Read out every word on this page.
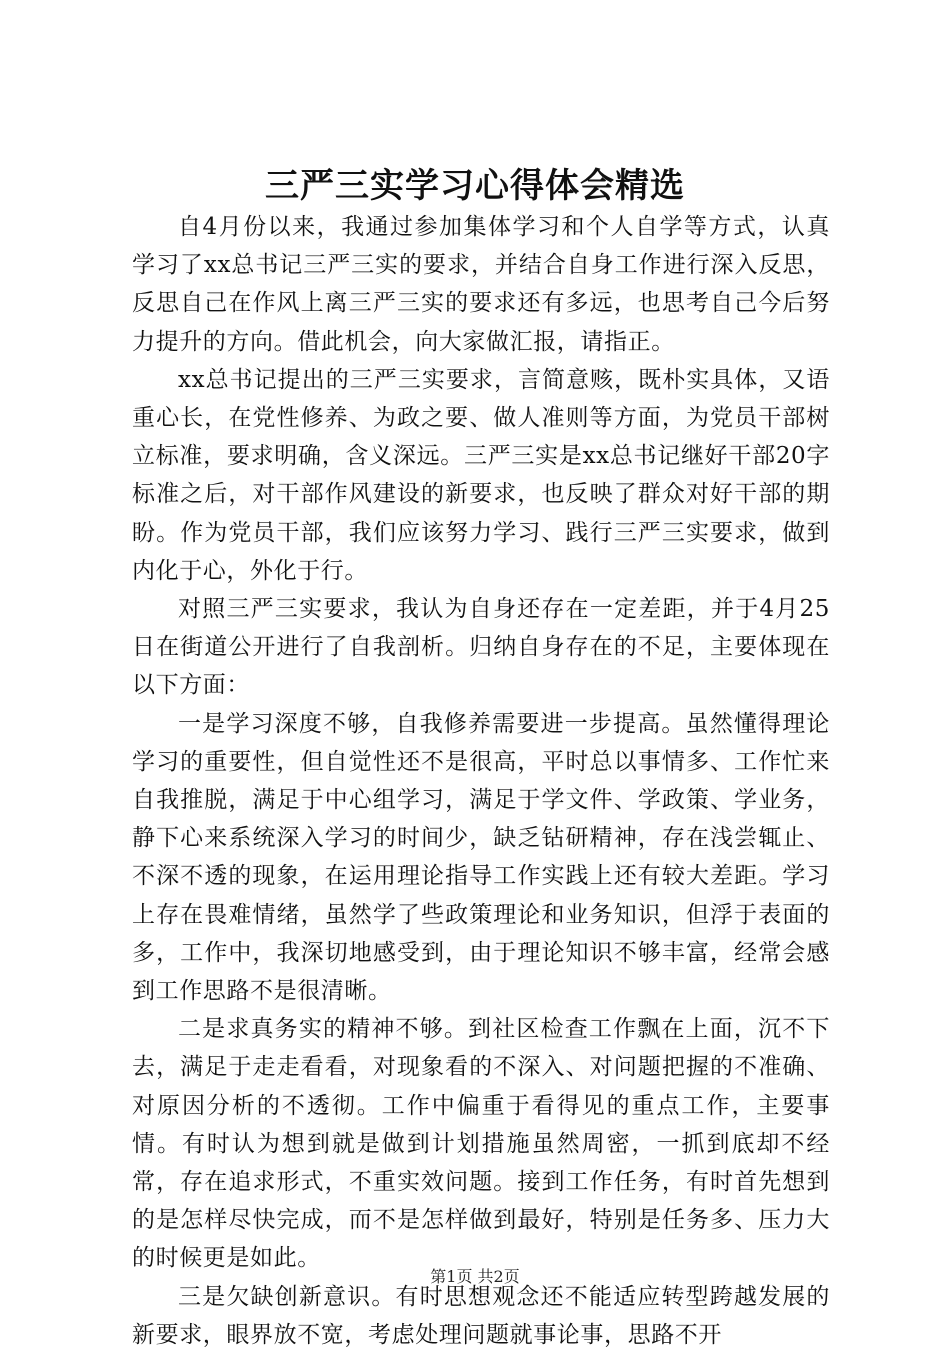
三严三实学习心得体会精选

自4月份以来，我通过参加集体学习和个人自学等方式，认真学习了xx总书记三严三实的要求，并结合自身工作进行深入反思，反思自己在作风上离三严三实的要求还有多远，也思考自己今后努力提升的方向。借此机会，向大家做汇报，请指正。

xx总书记提出的三严三实要求，言简意赅，既朴实具体，又语重心长，在党性修养、为政之要、做人准则等方面，为党员干部树立标准，要求明确，含义深远。三严三实是xx总书记继好干部20字标准之后，对干部作风建设的新要求，也反映了群众对好干部的期盼。作为党员干部，我们应该努力学习、践行三严三实要求，做到内化于心，外化于行。

对照三严三实要求，我认为自身还存在一定差距，并于4月25日在街道公开进行了自我剖析。归纳自身存在的不足，主要体现在以下方面：

一是学习深度不够，自我修养需要进一步提高。虽然懂得理论学习的重要性，但自觉性还不是很高，平时总以事情多、工作忙来自我推脱，满足于中心组学习，满足于学文件、学政策、学业务，静下心来系统深入学习的时间少，缺乏钻研精神，存在浅尝辄止、不深不透的现象，在运用理论指导工作实践上还有较大差距。学习上存在畏难情绪，虽然学了些政策理论和业务知识，但浮于表面的多，工作中，我深切地感受到，由于理论知识不够丰富，经常会感到工作思路不是很清晰。

二是求真务实的精神不够。到社区检查工作飘在上面，沉不下去，满足于走走看看，对现象看的不深入、对问题把握的不准确、对原因分析的不透彻。工作中偏重于看得见的重点工作，主要事情。有时认为想到就是做到计划措施虽然周密，一抓到底却不经常，存在追求形式，不重实效问题。接到工作任务，有时首先想到的是怎样尽快完成，而不是怎样做到最好，特别是任务多、压力大的时候更是如此。

三是欠缺创新意识。有时思想观念还不能适应转型跨越发展的新要求，眼界放不宽，考虑处理问题就事论事，思路不开

第1页 共2页
